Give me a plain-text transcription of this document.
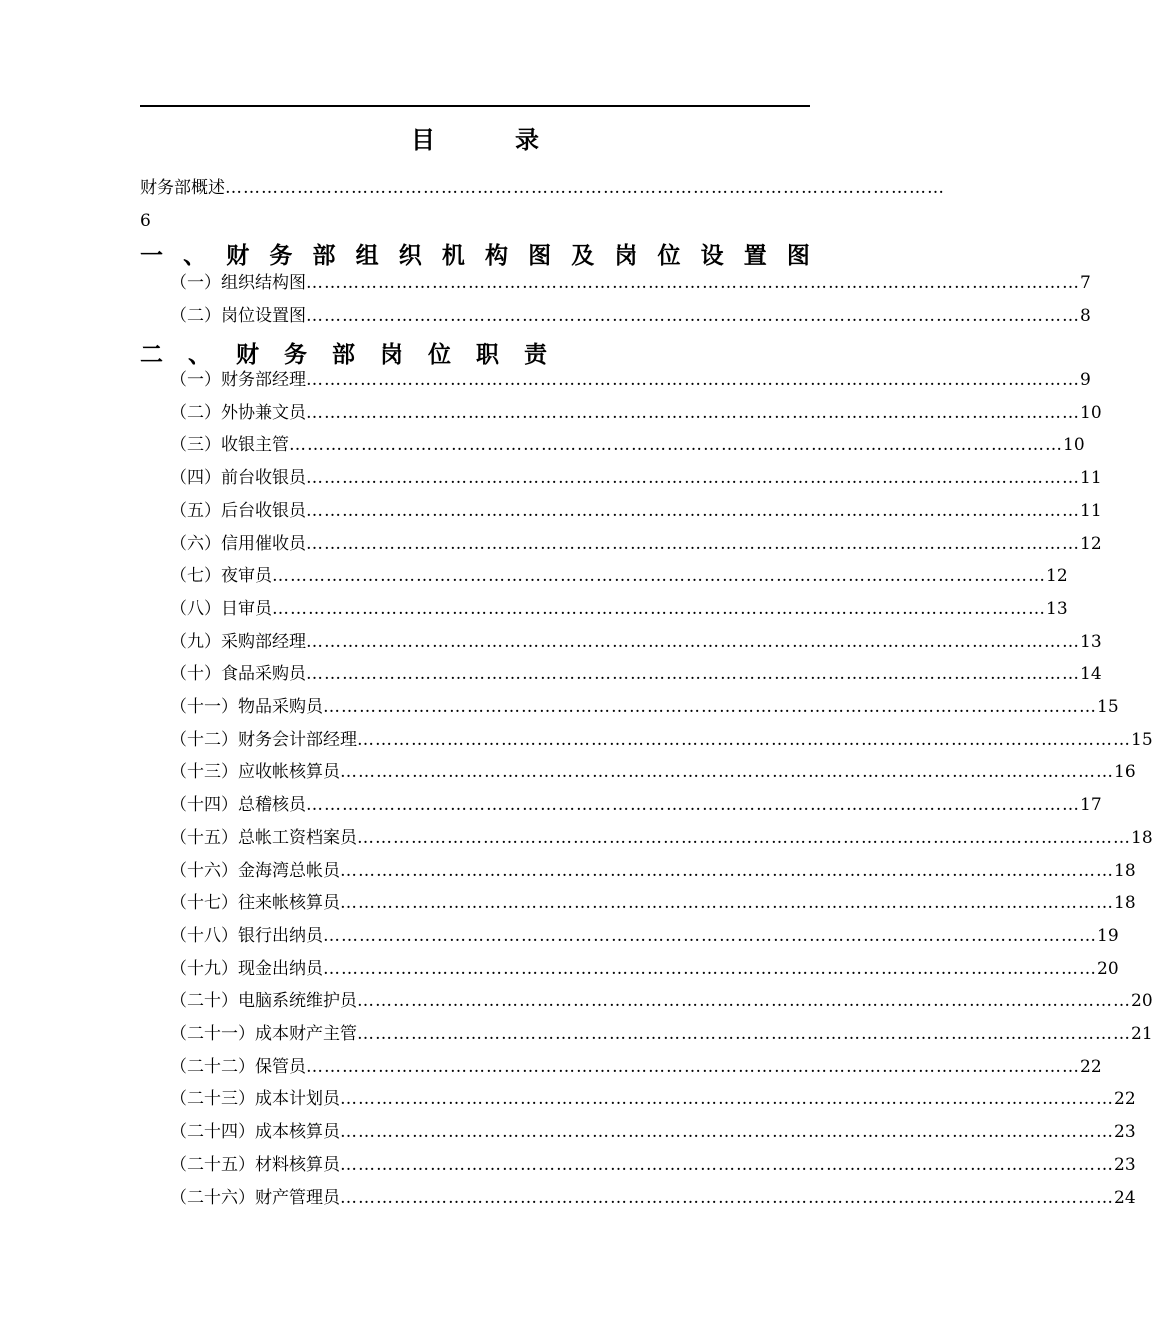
目	录
财务部概述 …………………………………………………………………………………………………………
6
一 、 财 务 部 组 织 机 构 图 及 岗 位 设 置 图
（一）组织结构图 ………………………………………………………………………………………………………………… 7
（二）岗位设置图 ………………………………………………………………………………………………………………… 8
二 、 财 务 部 岗 位 职 责
（一）财务部经理 ………………………………………………………………………………………………………………… 9
（二）外协兼文员 ………………………………………………………………………………………………………………… 10
（三）收银主管 ………………………………………………………………………………………………………………… 10
（四）前台收银员 ………………………………………………………………………………………………………………… 11
（五）后台收银员 ………………………………………………………………………………………………………………… 11
（六）信用催收员 ………………………………………………………………………………………………………………… 12
（七）夜审员 ………………………………………………………………………………………………………………… 12
（八）日审员 ………………………………………………………………………………………………………………… 13
（九）采购部经理 ………………………………………………………………………………………………………………… 13
（十）食品采购员 ………………………………………………………………………………………………………………… 14
（十一）物品采购员 ………………………………………………………………………………………………………………… 15
（十二）财务会计部经理 ………………………………………………………………………………………………………………… 15
（十三）应收帐核算员 ………………………………………………………………………………………………………………… 16
（十四）总稽核员 ………………………………………………………………………………………………………………… 17
（十五）总帐工资档案员 ………………………………………………………………………………………………………………… 18
（十六）金海湾总帐员 ………………………………………………………………………………………………………………… 18
（十七）往来帐核算员 ………………………………………………………………………………………………………………… 18
（十八）银行出纳员 ………………………………………………………………………………………………………………… 19
（十九）现金出纳员 ………………………………………………………………………………………………………………… 20
（二十）电脑系统维护员 ………………………………………………………………………………………………………………… 20
（二十一）成本财产主管 ………………………………………………………………………………………………………………… 21
（二十二）保管员 ………………………………………………………………………………………………………………… 22
（二十三）成本计划员 ………………………………………………………………………………………………………………… 22
（二十四）成本核算员 ………………………………………………………………………………………………………………… 23
（二十五）材料核算员 ………………………………………………………………………………………………………………… 23
（二十六）财产管理员 ………………………………………………………………………………………………………………… 24
